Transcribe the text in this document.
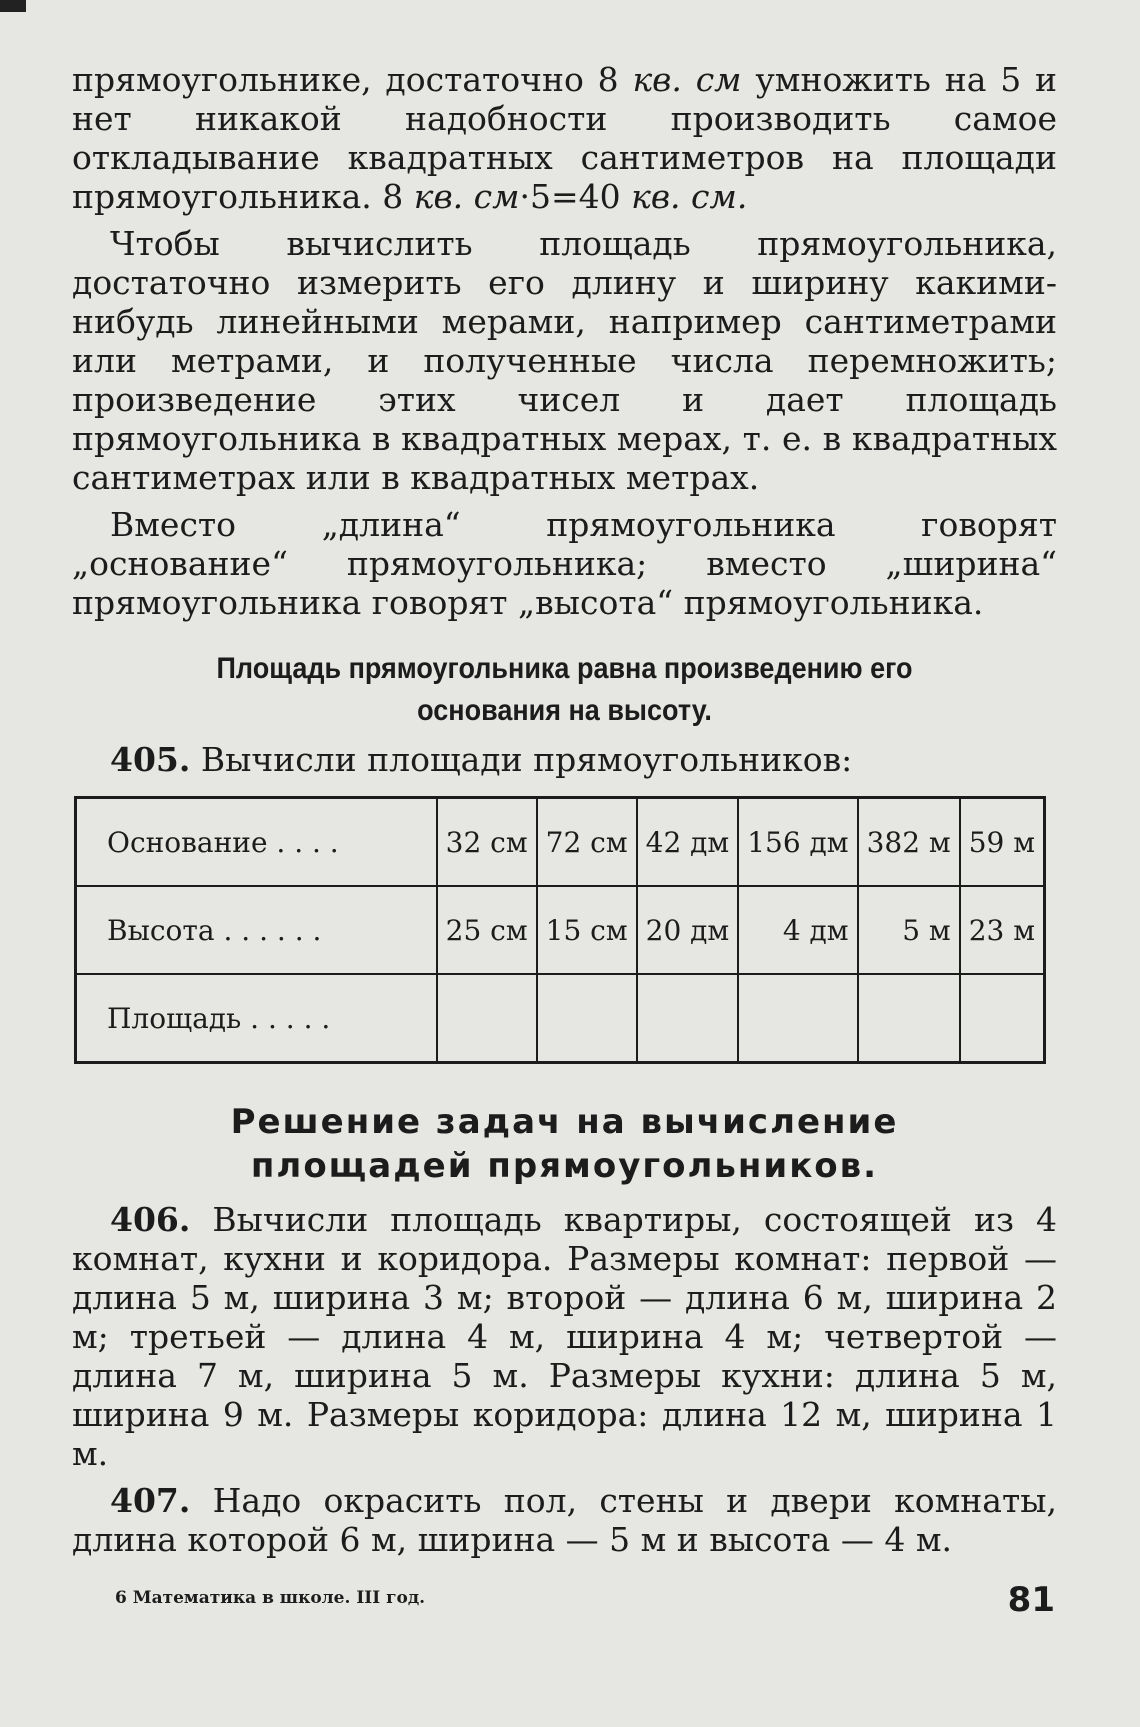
прямоугольнике, достаточно 8 кв. см умножить на 5 и нет никакой надобности производить самое откладывание квадратных сантиметров на площади прямоугольника. 8 кв. см·5=40 кв. см.

Чтобы вычислить площадь прямоугольника, достаточно измерить его длину и ширину какими-нибудь линейными мерами, например сантиметрами или метрами, и полученные числа перемножить; произведение этих чисел и дает площадь прямоугольника в квадратных мерах, т. е. в квадратных сантиметрах или в квадратных метрах.

Вместо „длина“ прямоугольника говорят „основание“ прямоугольника; вместо „ширина“ прямоугольника говорят „высота“ прямоугольника.

Площадь прямоугольника равна произведению его
основания на высоту.
405. Вычисли площади прямоугольников:
Основание . . . .	32 см	72 см	42 дм	156 дм	382 м	59 м
Высота . . . . . .	25 см	15 см	20 дм	4 дм	5 м	23 м
Площадь . . . . .						
Решение задач на вычисление
площадей прямоугольников.

406. Вычисли площадь квартиры, состоящей из 4 комнат, кухни и коридора. Размеры комнат: первой — длина 5 м, ширина 3 м; второй — длина 6 м, ширина 2 м; третьей — длина 4 м, ширина 4 м; четвертой — длина 7 м, ширина 5 м. Размеры кухни: длина 5 м, ширина 9 м. Размеры коридора: длина 12 м, ширина 1 м.

407. Надо окрасить пол, стены и двери комнаты, длина которой 6 м, ширина — 5 м и высота — 4 м.

6 Математика в школе. III год.	81
